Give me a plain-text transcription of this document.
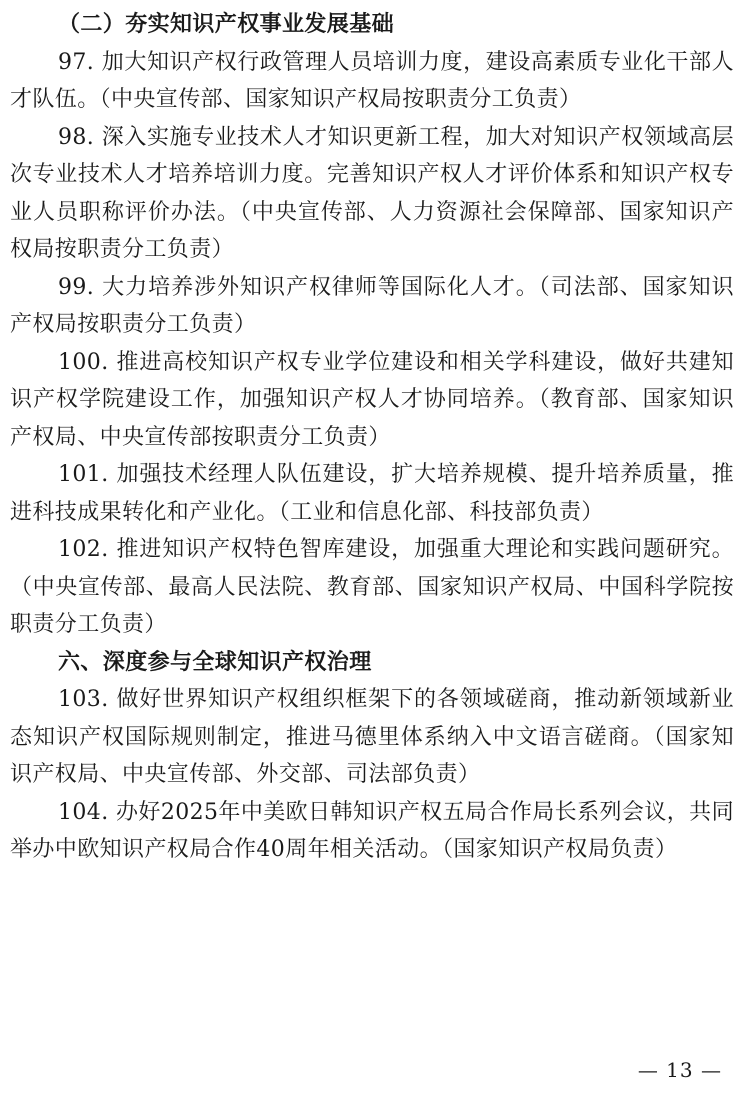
（二）夯实知识产权事业发展基础

97. 加大知识产权行政管理人员培训力度，建设高素质专业化干部人才队伍。（中央宣传部、国家知识产权局按职责分工负责）

98. 深入实施专业技术人才知识更新工程，加大对知识产权领域高层次专业技术人才培养培训力度。完善知识产权人才评价体系和知识产权专业人员职称评价办法。（中央宣传部、人力资源社会保障部、国家知识产权局按职责分工负责）

99. 大力培养涉外知识产权律师等国际化人才。（司法部、国家知识产权局按职责分工负责）

100. 推进高校知识产权专业学位建设和相关学科建设，做好共建知识产权学院建设工作，加强知识产权人才协同培养。（教育部、国家知识产权局、中央宣传部按职责分工负责）

101. 加强技术经理人队伍建设，扩大培养规模、提升培养质量，推进科技成果转化和产业化。（工业和信息化部、科技部负责）

102. 推进知识产权特色智库建设，加强重大理论和实践问题研究。（中央宣传部、最高人民法院、教育部、国家知识产权局、中国科学院按职责分工负责）

六、深度参与全球知识产权治理

103. 做好世界知识产权组织框架下的各领域磋商，推动新领域新业态知识产权国际规则制定，推进马德里体系纳入中文语言磋商。（国家知识产权局、中央宣传部、外交部、司法部负责）

104. 办好2025年中美欧日韩知识产权五局合作局长系列会议，共同举办中欧知识产权局合作40周年相关活动。（国家知识产权局负责）

— 13 —
